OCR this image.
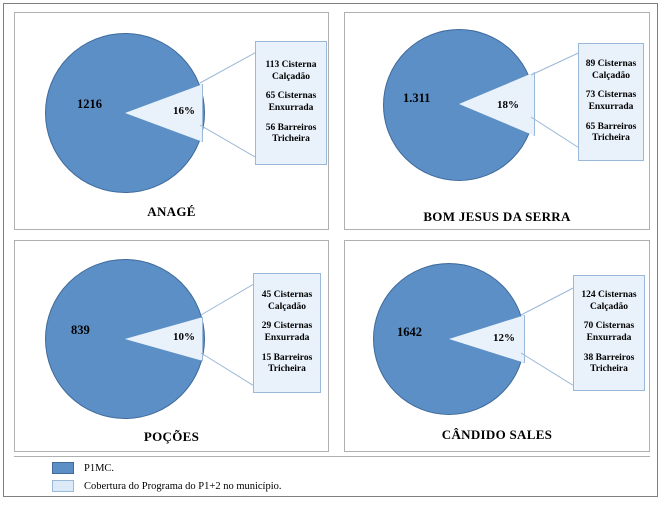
1216	16%
113 Cisterna Calçadão
65 Cisternas Enxurrada
56 Barreiros Tricheira
ANAGÉ
1.311	18%
89 Cisternas Calçadão
73 Cisternas Enxurrada
65 Barreiros Tricheira
BOM JESUS DA SERRA
839	10%
45 Cisternas Calçadão
29 Cisternas Enxurrada
15 Barreiros Tricheira
POÇÕES
1642	12%
124 Cisternas Calçadão
70 Cisternas Enxurrada
38 Barreiros Tricheira
CÂNDIDO SALES
P1MC.
Cobertura do Programa do P1+2 no município.
